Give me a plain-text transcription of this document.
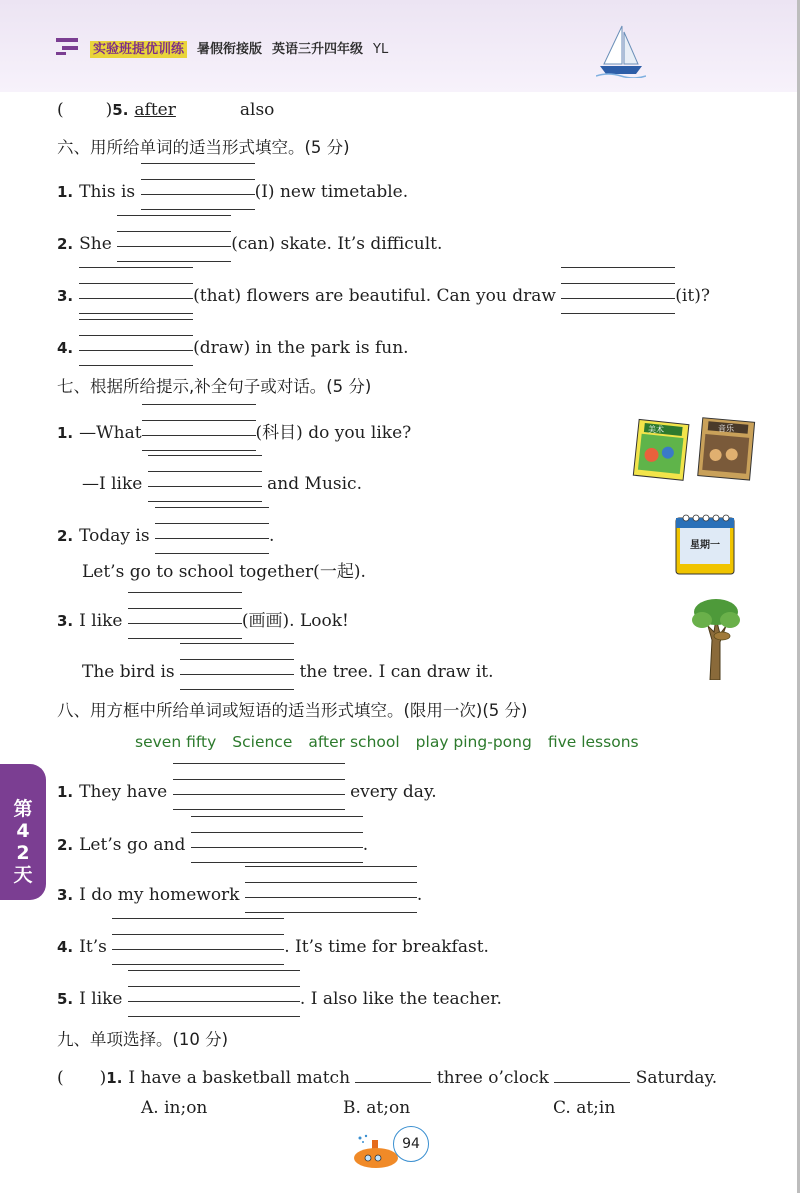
实验班提优训练 暑假衔接版 英语三升四年级 YL
( )5. after	also
六、用所给单词的适当形式填空。(5 分)
1. This is	(I) new timetable.
2. She	(can) skate. It’s difficult.
3.	(that) flowers are beautiful. Can you draw	(it)?
4.	(draw) in the park is fun.
七、根据所给提示,补全句子或对话。(5 分)
1. —What	(科目) do you like?
—I like	and Music.
2. Today is	.
Let’s go to school together(一起).
3. I like	(画画). Look!
The bird is	the tree. I can draw it.
美术	音乐
星期一
八、用方框中所给单词或短语的适当形式填空。(限用一次)(5 分)
seven fifty Science after school play ping-pong five lessons
1. They have	every day.
2. Let’s go and	.
3. I do my homework	.
4. It’s	. It’s time for breakfast.
5. I like	. I also like the teacher.
九、单项选择。(10 分)
( )1. I have a basketball match	three o’clock	Saturday.
A. in;on	B. at;on	C. at;in
第42天
94
